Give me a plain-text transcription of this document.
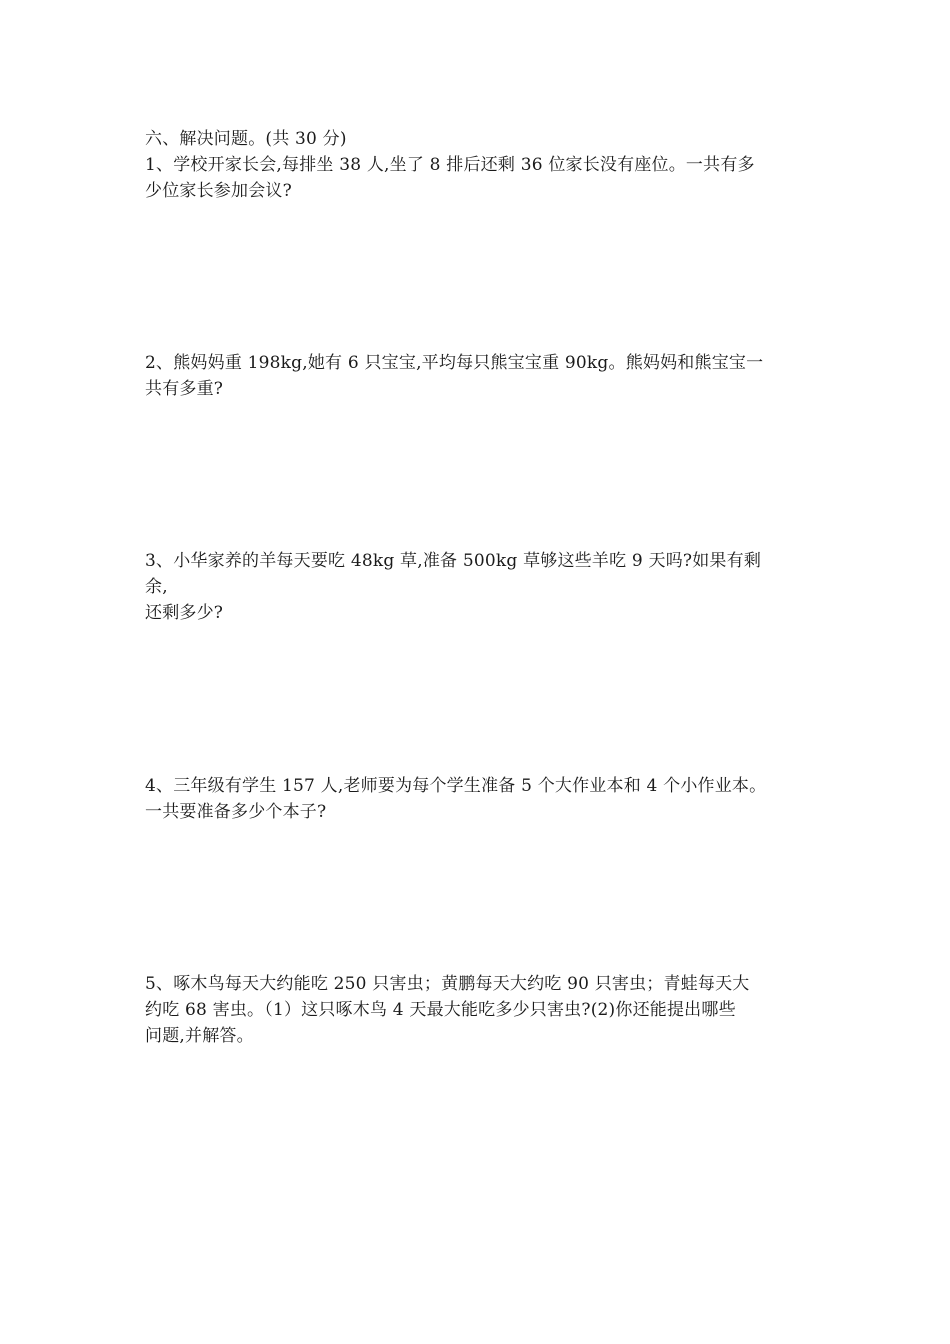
六、解决问题。(共 30 分)
1、学校开家长会,每排坐 38 人,坐了 8 排后还剩 36 位家长没有座位。一共有多
少位家长参加会议?
2、熊妈妈重 198kg,她有 6 只宝宝,平均每只熊宝宝重 90kg。熊妈妈和熊宝宝一
共有多重?
3、小华家养的羊每天要吃 48kg 草,准备 500kg 草够这些羊吃 9 天吗?如果有剩
余,
还剩多少?
4、三年级有学生 157 人,老师要为每个学生准备 5 个大作业本和 4 个小作业本。
一共要准备多少个本子?
5、啄木鸟每天大约能吃 250 只害虫；黄鹏每天大约吃 90 只害虫；青蛙每天大
约吃 68 害虫。（1）这只啄木鸟 4 天最大能吃多少只害虫?(2)你还能提出哪些
问题,并解答。
